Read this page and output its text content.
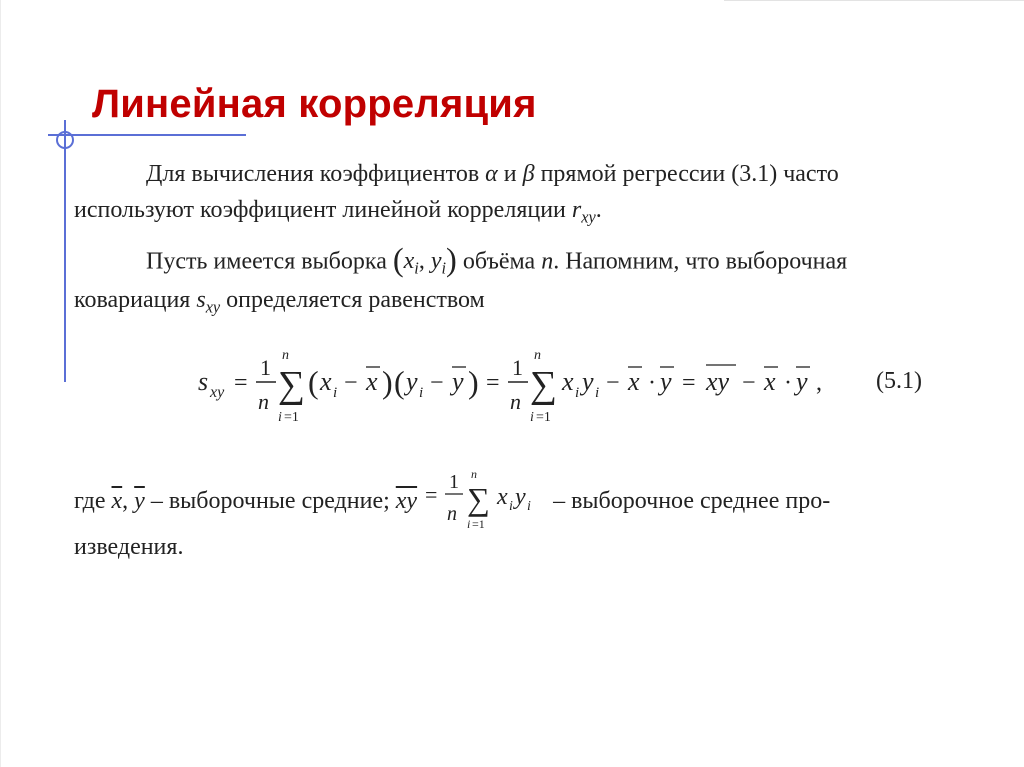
Линейная корреляция
Для вычисления коэффициентов α и β прямой регрессии (3.1) часто
используют коэффициент линейной корреляции $r_{xy}$.
Пусть имеется выборка ($x_i$, $y_i$) объёма n. Напомним, что выборочная
ковариация $s_{xy}$ определяется равенством
s xy =
1
n
n
∑
i =1
( x i − x ) ( y i − y ) =
1
n
n
∑
i =1
x i y i − x · y = xy − x · y , (5.1)
где $\overline{x}$, $\overline{y}$ – выборочные средние; $\overline{xy} = 1$
n
n
∑
i =1
x i y i – выборочное среднее про-
изведения.
